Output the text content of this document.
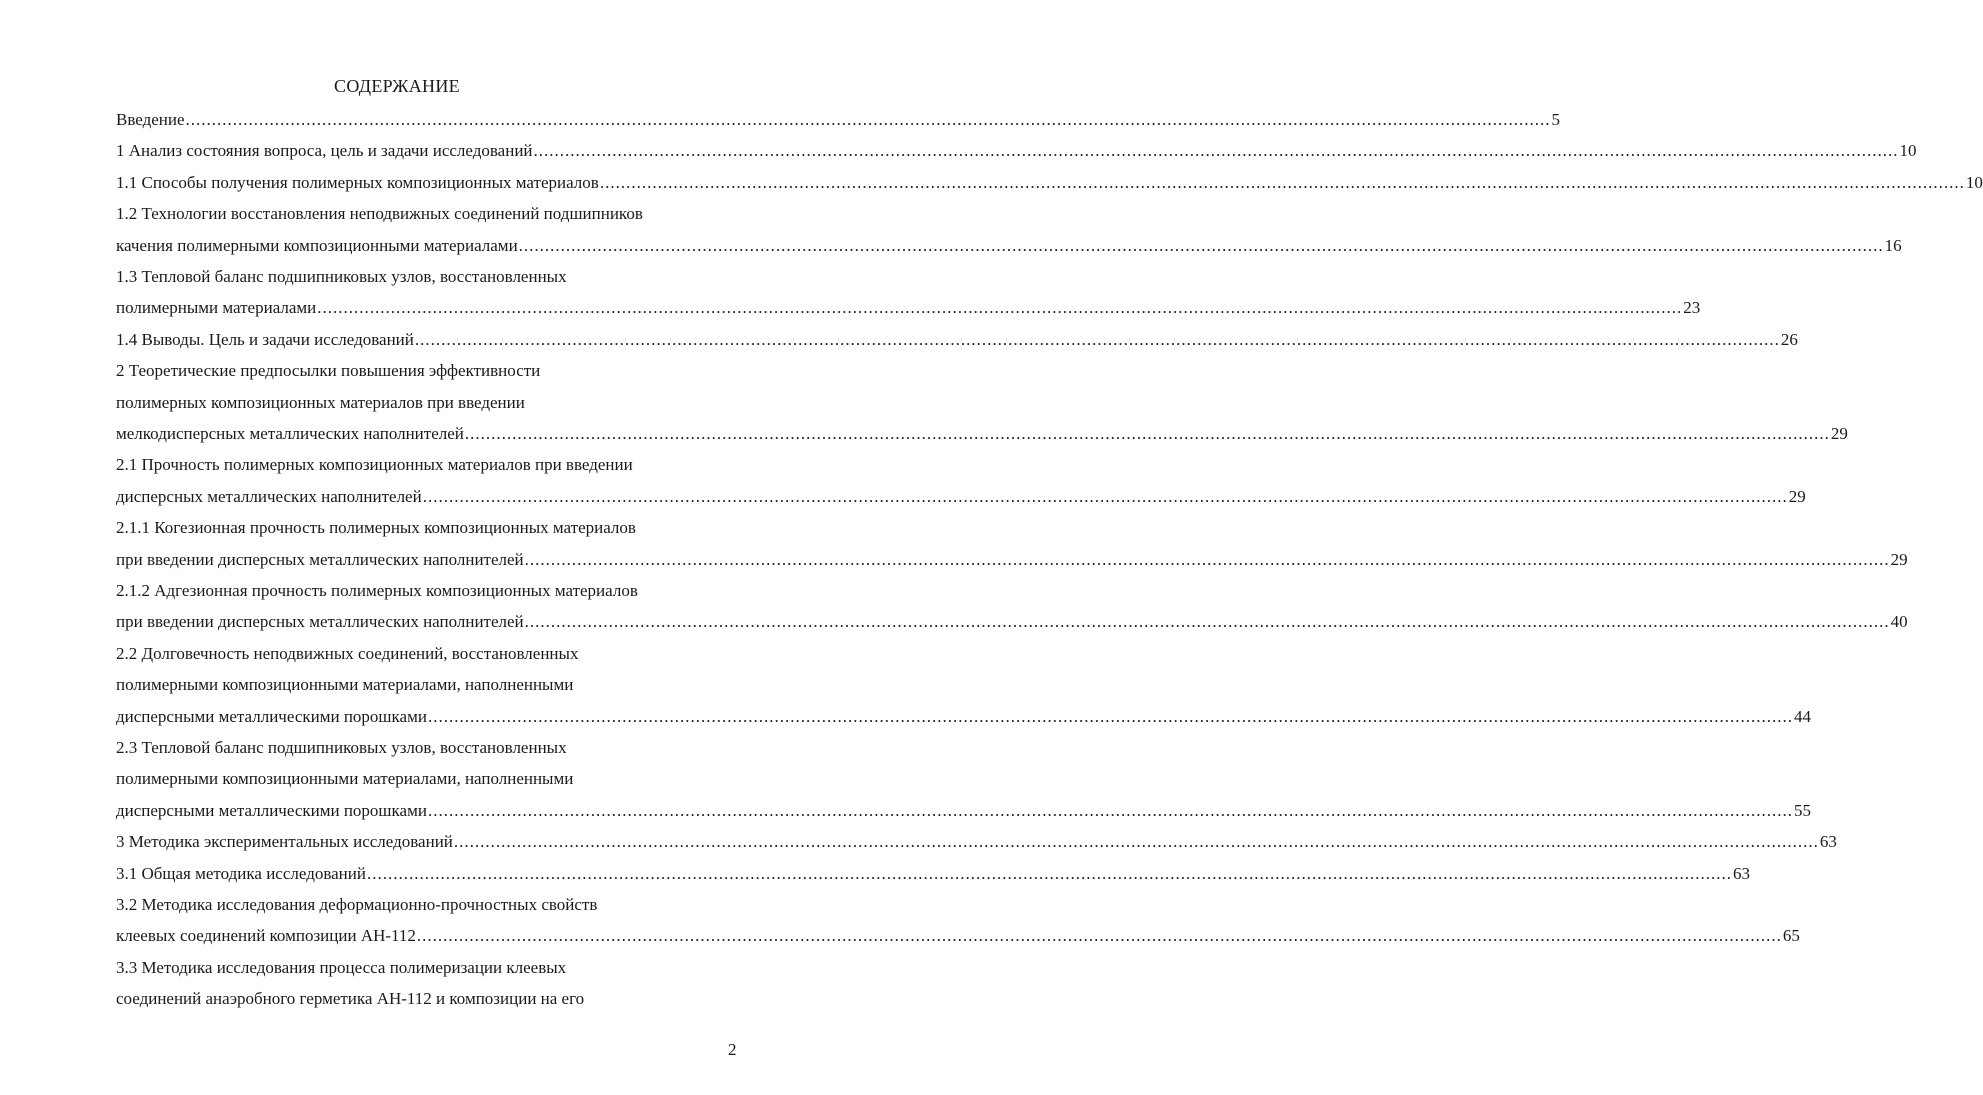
СОДЕРЖАНИЕ
Введение .................................................................................................................................................................................................................................................................... 5
1 Анализ состояния вопроса, цель и задачи исследований .................................................................................................................................................................................................................................................................... 10
1.1 Способы получения полимерных композиционных материалов .................................................................................................................................................................................................................................................................... 10
1.2 Технологии восстановления неподвижных соединений подшипников
качения полимерными композиционными материалами .................................................................................................................................................................................................................................................................... 16
1.3 Тепловой баланс подшипниковых узлов, восстановленных
полимерными материалами .................................................................................................................................................................................................................................................................... 23
1.4 Выводы. Цель и задачи исследований .................................................................................................................................................................................................................................................................... 26
2 Теоретические предпосылки повышения эффективности
полимерных композиционных материалов при введении
мелкодисперсных металлических наполнителей .................................................................................................................................................................................................................................................................... 29
2.1 Прочность полимерных композиционных материалов при введении
дисперсных металлических наполнителей .................................................................................................................................................................................................................................................................... 29
2.1.1 Когезионная прочность полимерных композиционных материалов
при введении дисперсных металлических наполнителей .................................................................................................................................................................................................................................................................... 29
2.1.2 Адгезионная прочность полимерных композиционных материалов
при введении дисперсных металлических наполнителей .................................................................................................................................................................................................................................................................... 40
2.2 Долговечность неподвижных соединений, восстановленных
полимерными композиционными материалами, наполненными
дисперсными металлическими порошками .................................................................................................................................................................................................................................................................... 44
2.3 Тепловой баланс подшипниковых узлов, восстановленных
полимерными композиционными материалами, наполненными
дисперсными металлическими порошками .................................................................................................................................................................................................................................................................... 55
3 Методика экспериментальных исследований .................................................................................................................................................................................................................................................................... 63
3.1 Общая методика исследований .................................................................................................................................................................................................................................................................... 63
3.2 Методика исследования деформационно-прочностных свойств
клеевых соединений композиции АН-112 .................................................................................................................................................................................................................................................................... 65
3.3 Методика исследования процесса полимеризации клеевых
соединений анаэробного герметика АН-112 и композиции на его
2
